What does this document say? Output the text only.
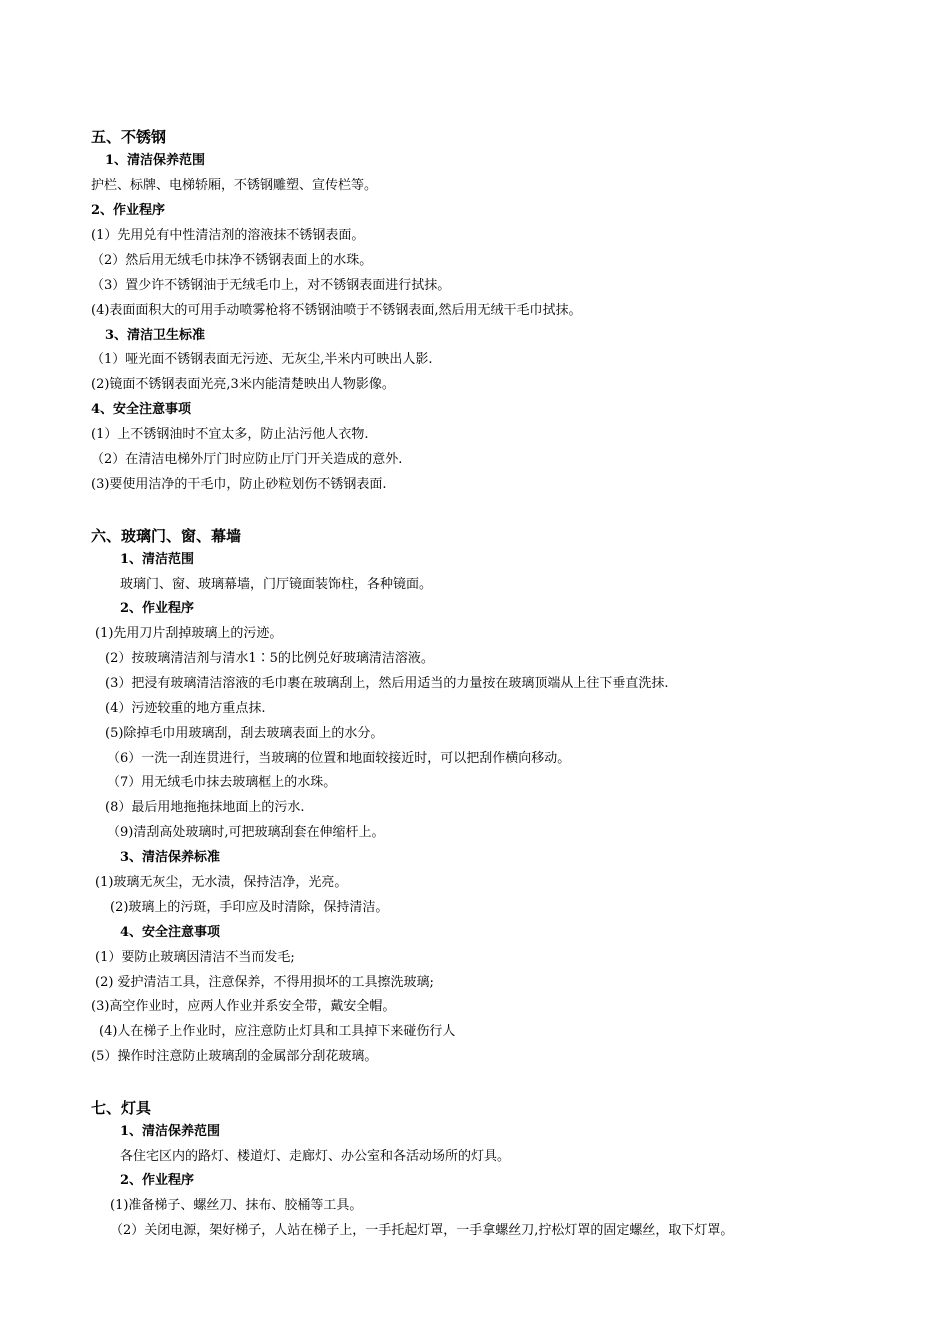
五、不锈钢
1、清洁保养范围
护栏、标牌、电梯轿厢，不锈钢雕塑、宣传栏等。
2、作业程序
(1）先用兑有中性清洁剂的溶液抹不锈钢表面。
（2）然后用无绒毛巾抹净不锈钢表面上的水珠。
（3）置少许不锈钢油于无绒毛巾上，对不锈钢表面进行拭抹。
(4)表面面积大的可用手动喷雾枪将不锈钢油喷于不锈钢表面,然后用无绒干毛巾拭抹。
3、清洁卫生标准
（1）哑光面不锈钢表面无污迹、无灰尘,半米内可映出人影.
(2)镜面不锈钢表面光亮,3米内能清楚映出人物影像。
4、安全注意事项
(1）上不锈钢油时不宜太多，防止沾污他人衣物.
（2）在清洁电梯外厅门时应防止厅门开关造成的意外.
(3)要使用洁净的干毛巾，防止砂粒划伤不锈钢表面.
六、玻璃门、窗、幕墙
1、清洁范围
玻璃门、窗、玻璃幕墙，门厅镜面装饰柱，各种镜面。
2、作业程序
(1)先用刀片刮掉玻璃上的污迹。
(2）按玻璃清洁剂与清水1∶5的比例兑好玻璃清洁溶液。
(3）把浸有玻璃清洁溶液的毛巾裹在玻璃刮上，然后用适当的力量按在玻璃顶端从上往下垂直洗抹.
(4）污迹较重的地方重点抹.
(5)除掉毛巾用玻璃刮，刮去玻璃表面上的水分。
（6）一洗一刮连贯进行，当玻璃的位置和地面较接近时，可以把刮作横向移动。
（7）用无绒毛巾抹去玻璃框上的水珠。
(8）最后用地拖拖抹地面上的污水.
（9)清刮高处玻璃时,可把玻璃刮套在伸缩杆上。
3、清洁保养标准
(1)玻璃无灰尘，无水渍，保持洁净，光亮。
(2)玻璃上的污斑，手印应及时清除，保持清洁。
4、安全注意事项
(1）要防止玻璃因清洁不当而发毛;
(2) 爱护清洁工具，注意保养，不得用损坏的工具擦洗玻璃;
(3)高空作业时，应两人作业并系安全带，戴安全帽。
(4)人在梯子上作业时，应注意防止灯具和工具掉下来碰伤行人
(5）操作时注意防止玻璃刮的金属部分刮花玻璃。
七、灯具
1、清洁保养范围
各住宅区内的路灯、楼道灯、走廊灯、办公室和各活动场所的灯具。
2、作业程序
(1)准备梯子、螺丝刀、抹布、胶桶等工具。
（2）关闭电源，架好梯子，人站在梯子上，一手托起灯罩，一手拿螺丝刀,拧松灯罩的固定螺丝，取下灯罩。
